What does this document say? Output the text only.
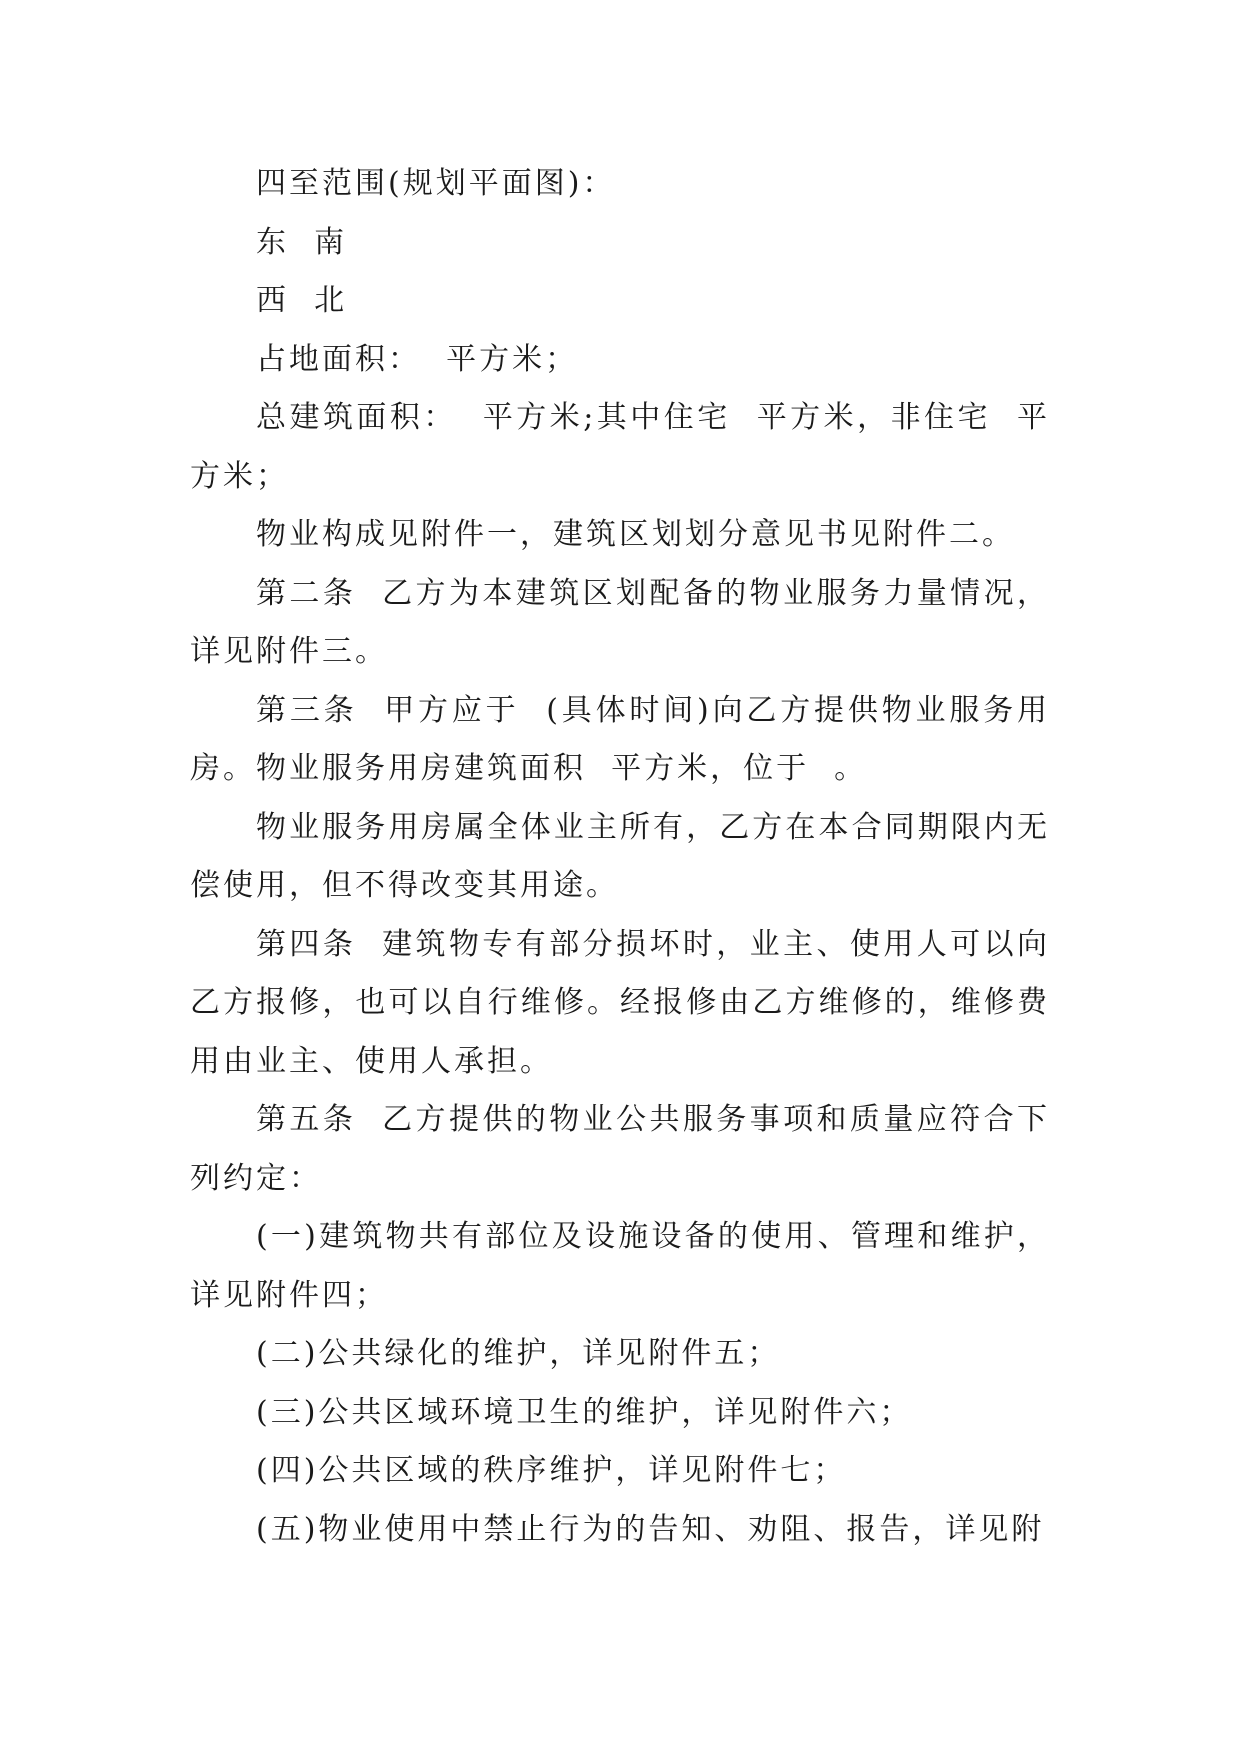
四至范围(规划平面图)：

东  南

西  北

占地面积：  平方米；

总建筑面积：  平方米;其中住宅  平方米，非住宅  平方米；

物业构成见附件一，建筑区划划分意见书见附件二。

第二条  乙方为本建筑区划配备的物业服务力量情况，详见附件三。

第三条  甲方应于  (具体时间)向乙方提供物业服务用房。物业服务用房建筑面积  平方米，位于  。

物业服务用房属全体业主所有，乙方在本合同期限内无偿使用，但不得改变其用途。

第四条  建筑物专有部分损坏时，业主、使用人可以向乙方报修，也可以自行维修。经报修由乙方维修的，维修费用由业主、使用人承担。

第五条  乙方提供的物业公共服务事项和质量应符合下列约定：

(一)建筑物共有部位及设施设备的使用、管理和维护，详见附件四；

(二)公共绿化的维护，详见附件五；

(三)公共区域环境卫生的维护，详见附件六；

(四)公共区域的秩序维护，详见附件七；

(五)物业使用中禁止行为的告知、劝阻、报告，详见附
